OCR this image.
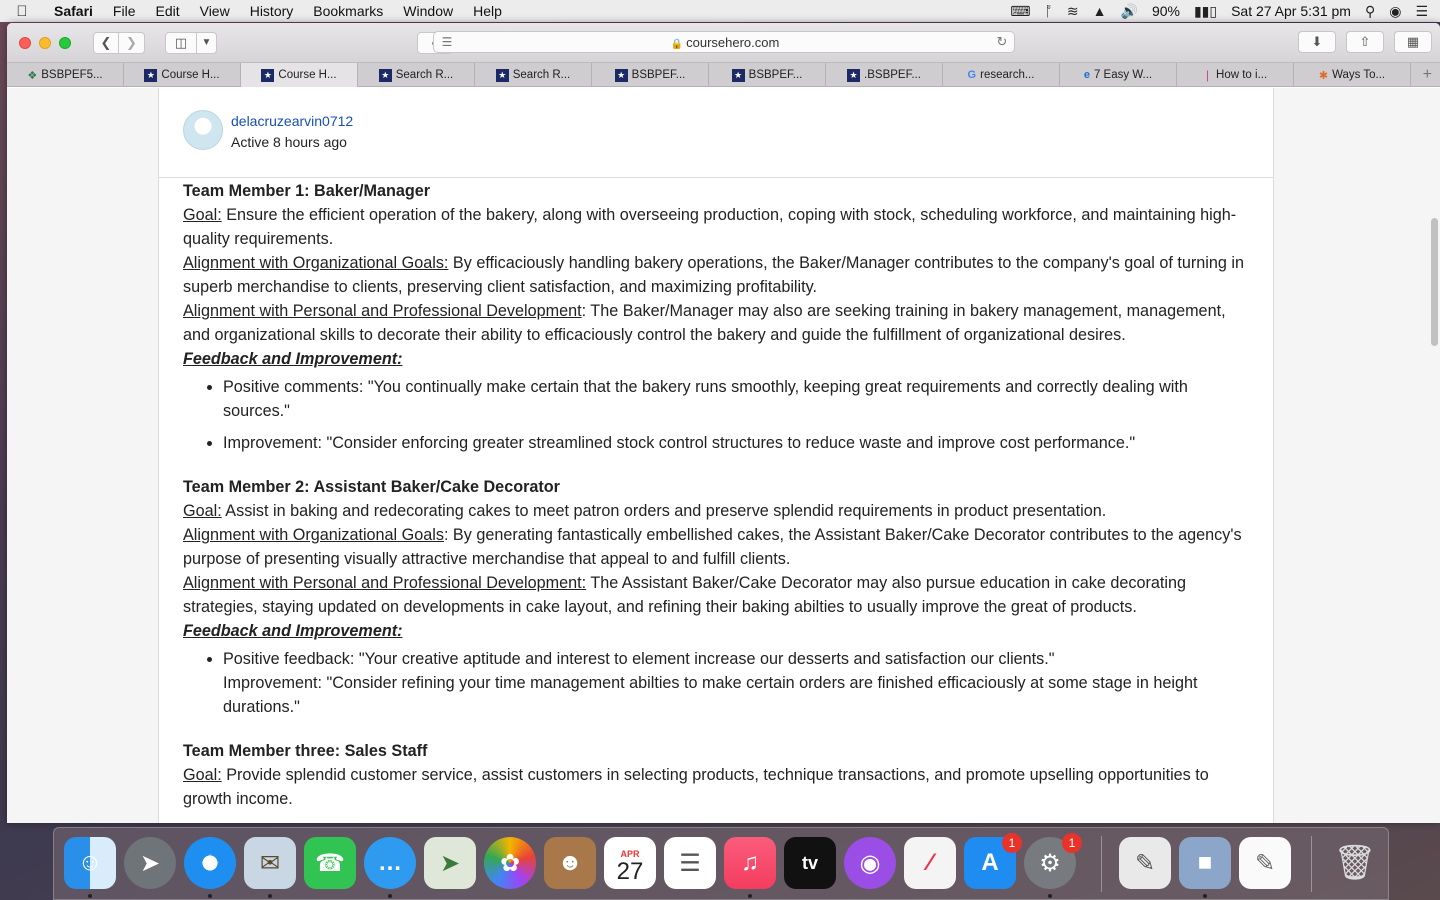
Safari	File	Edit	View	History	Bookmarks	Window	Help	⌨ ᚩ ≋ ▲ 🔊 90% ▮▮▯ Sat 27 Apr 5:31 pm ⚲ ◉ ☰
❮ ❯	◫ ▼	☰	🔒 coursehero.com	↻	⬇	⇧	▦
❖ BSBPEF5...	★ Course H...	★ Course H...	★ Search R...	★ Search R...	★ BSBPEF...	★ BSBPEF...	★ .BSBPEF...	G research...	e 7 Easy W...	❘ How to i...	✱ Ways To... +
delacruzearvin0712
Active 8 hours ago
Team Member 1: Baker/Manager
Goal: Ensure the efficient operation of the bakery, along with overseeing production, coping with stock, scheduling workforce, and maintaining high-quality requirements.
Alignment with Organizational Goals: By efficaciously handling bakery operations, the Baker/Manager contributes to the company's goal of turning in superb merchandise to clients, preserving client satisfaction, and maximizing profitability.
Alignment with Personal and Professional Development: The Baker/Manager may also are seeking training in bakery management, management, and organizational skills to decorate their ability to efficaciously control the bakery and guide the fulfillment of organizational desires.
Feedback and Improvement:
• Positive comments: "You continually make certain that the bakery runs smoothly, keeping great requirements and correctly dealing with sources."
• Improvement: "Consider enforcing greater streamlined stock control structures to reduce waste and improve cost performance."
Team Member 2: Assistant Baker/Cake Decorator
Goal: Assist in baking and redecorating cakes to meet patron orders and preserve splendid requirements in product presentation.
Alignment with Organizational Goals: By generating fantastically embellished cakes, the Assistant Baker/Cake Decorator contributes to the agency's purpose of presenting visually attractive merchandise that appeal to and fulfill clients.
Alignment with Personal and Professional Development: The Assistant Baker/Cake Decorator may also pursue education in cake decorating strategies, staying updated on developments in cake layout, and refining their baking abilties to usually improve the great of products.
Feedback and Improvement:
• Positive feedback: "Your creative aptitude and interest to element increase our desserts and satisfaction our clients."
Improvement: "Consider refining your time management abilties to make certain orders are finished efficaciously at some stage in height durations."
Team Member three: Sales Staff
Goal: Provide splendid customer service, assist customers in selecting products, technique transactions, and promote upselling opportunities to growth income.
☺	➤	✦	✉	☎	…	➤	✿	☻	APR
27	☰	♫	tv	◉	∕	A
1
⚙
1
✎	■	✎	🗑
